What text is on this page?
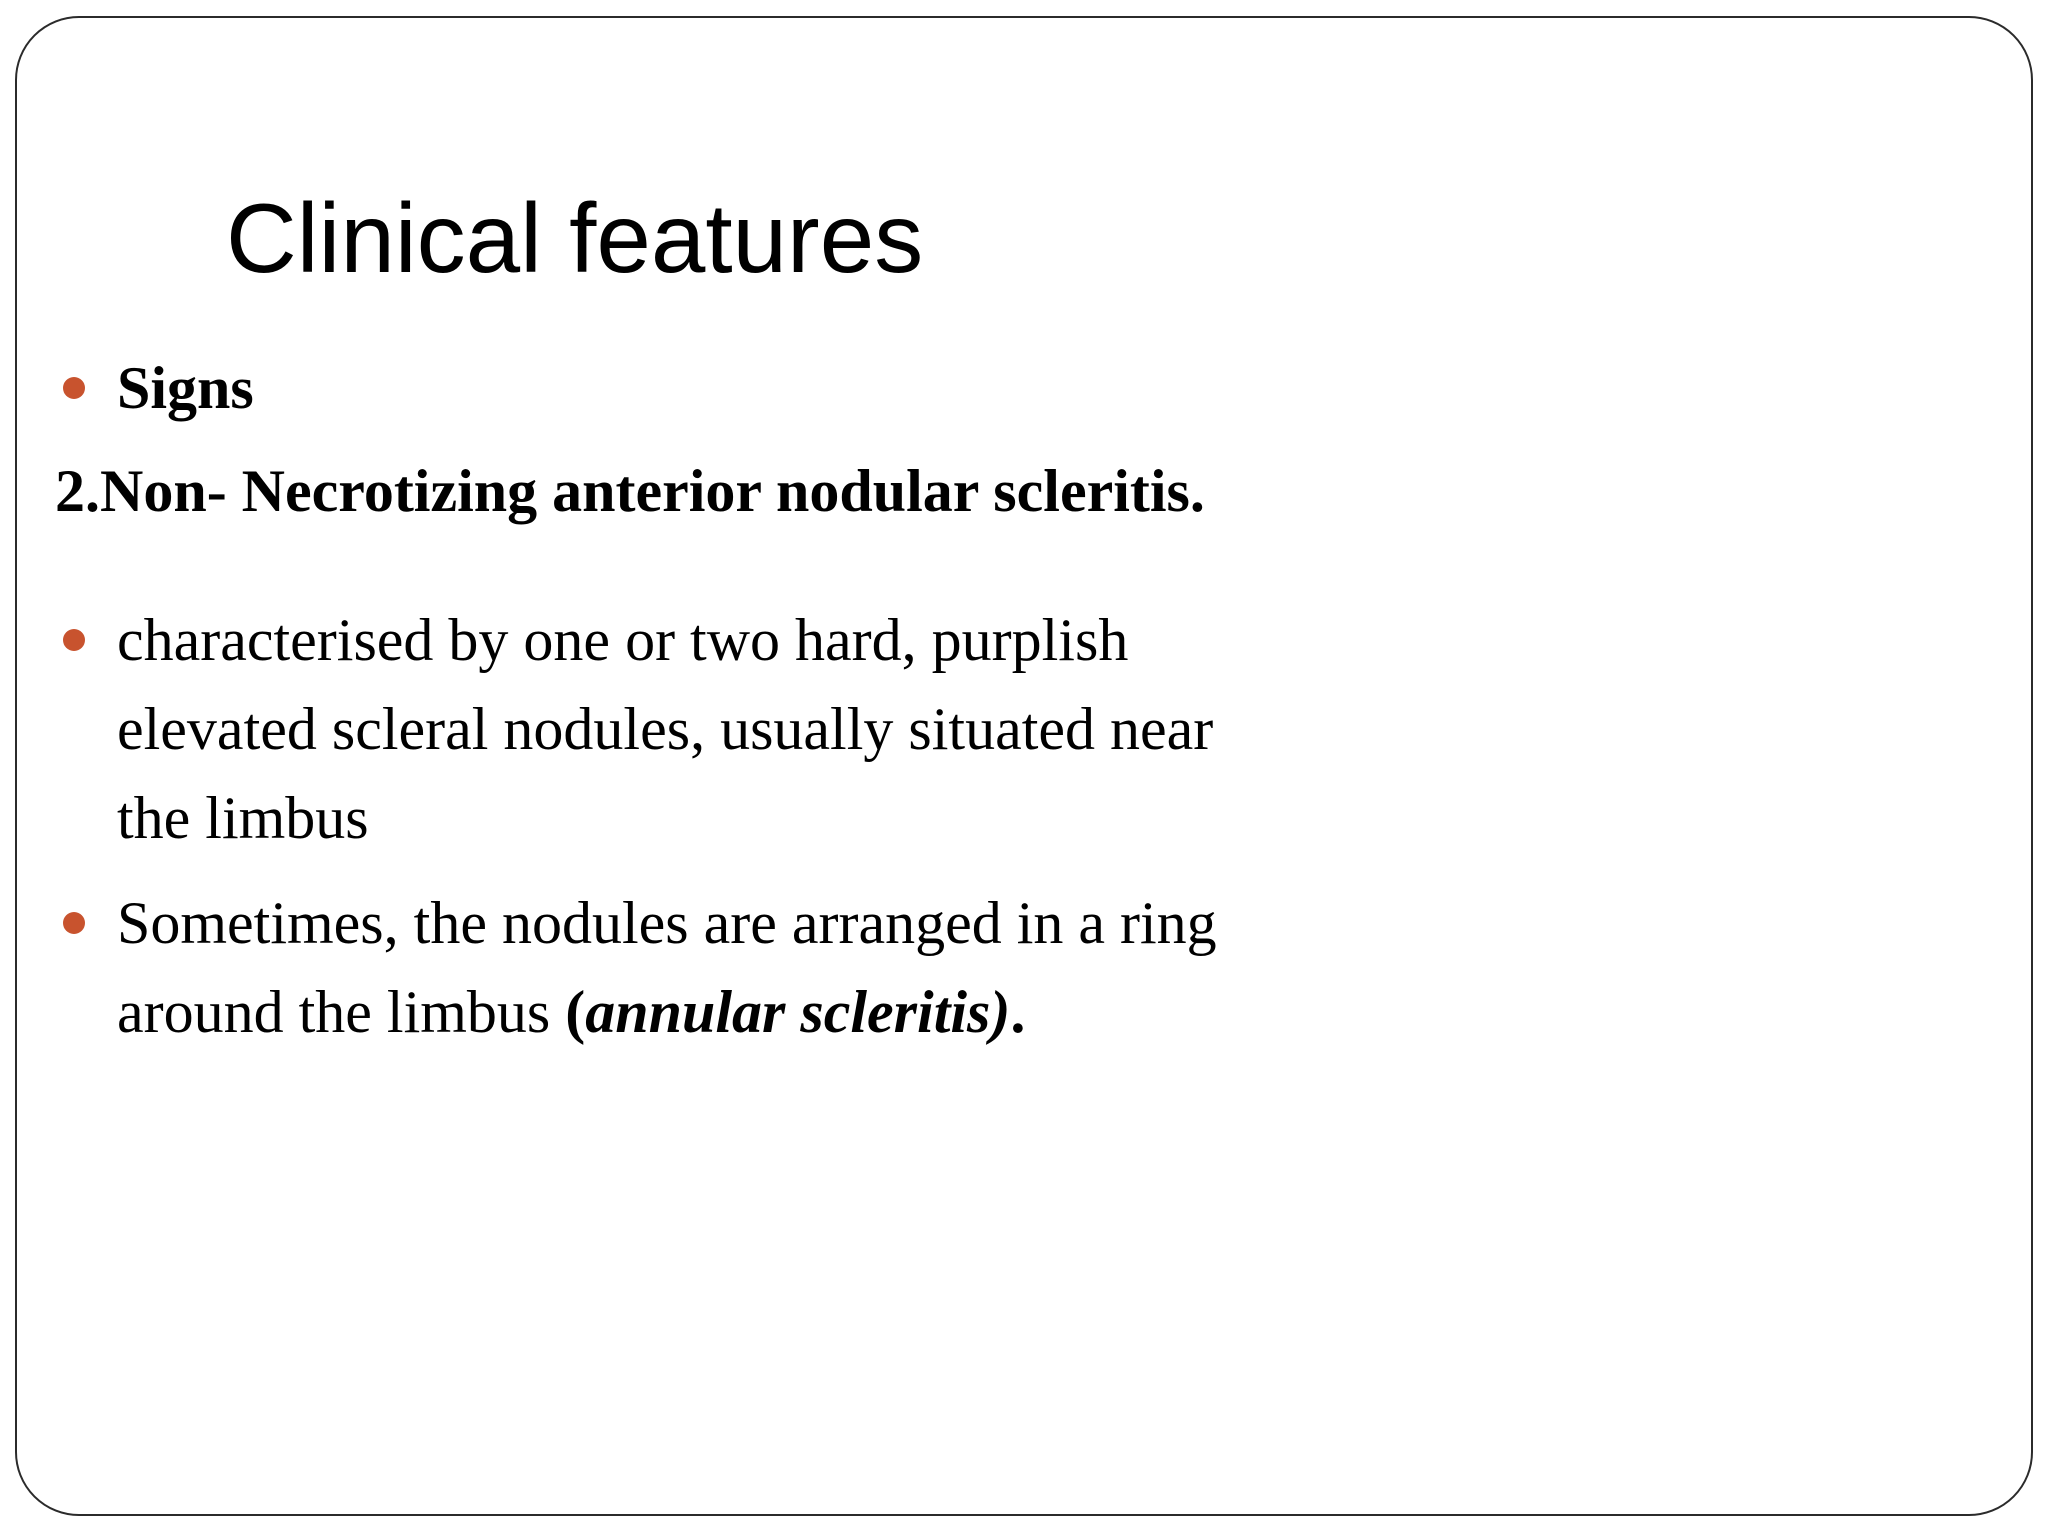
Clinical features

Signs

2.Non- Necrotizing anterior nodular scleritis.

characterised by one or two hard, purplish elevated scleral nodules, usually situated near the limbus

Sometimes, the nodules are arranged in a ring around the limbus (annular scleritis).
